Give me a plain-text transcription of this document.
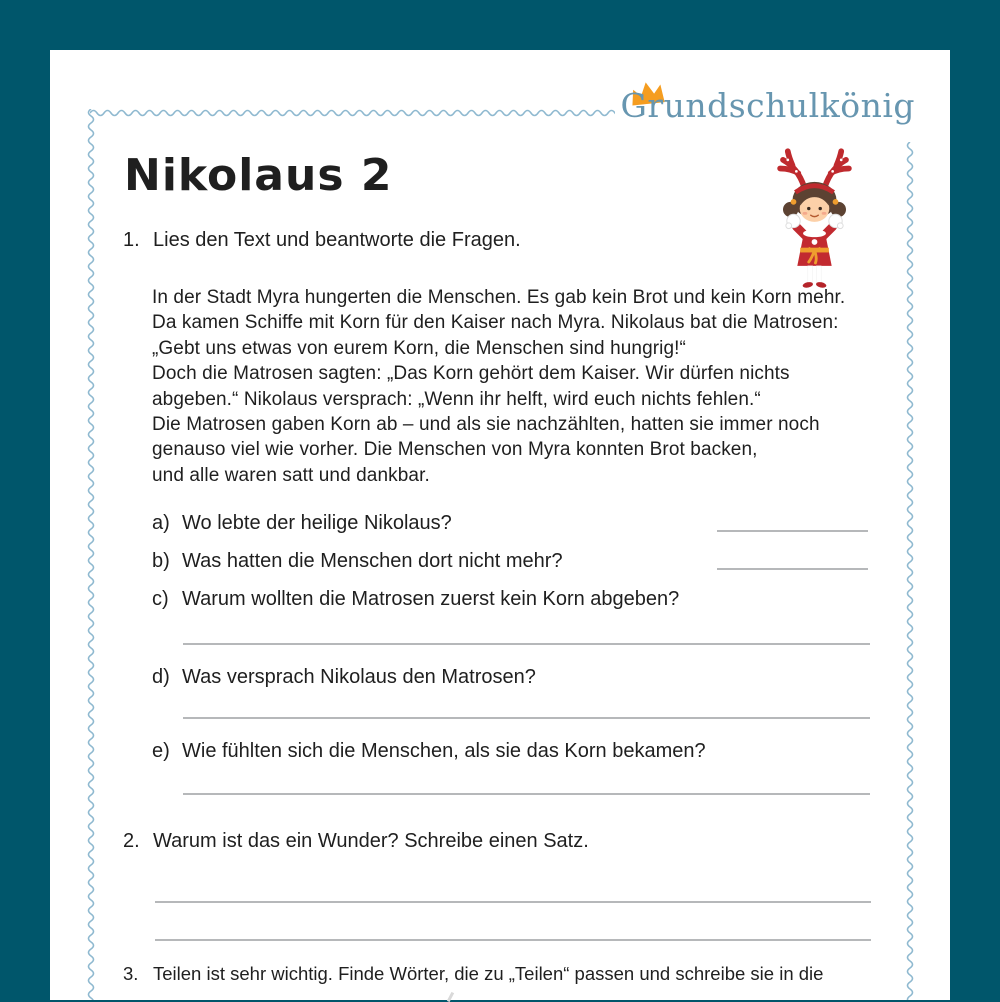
Grundschulkönig
Nikolaus 2
1. Lies den Text und beantworte die Fragen.
In der Stadt Myra hungerten die Menschen. Es gab kein Brot und kein Korn mehr.
Da kamen Schiffe mit Korn für den Kaiser nach Myra. Nikolaus bat die Matrosen:
„Gebt uns etwas von eurem Korn, die Menschen sind hungrig!“
Doch die Matrosen sagten: „Das Korn gehört dem Kaiser. Wir dürfen nichts
abgeben.“ Nikolaus versprach: „Wenn ihr helft, wird euch nichts fehlen.“
Die Matrosen gaben Korn ab – und als sie nachzählten, hatten sie immer noch
genauso viel wie vorher. Die Menschen von Myra konnten Brot backen,
und alle waren satt und dankbar.
a) Wo lebte der heilige Nikolaus?
b) Was hatten die Menschen dort nicht mehr?
c) Warum wollten die Matrosen zuerst kein Korn abgeben?
d) Was versprach Nikolaus den Matrosen?
e) Wie fühlten sich die Menschen, als sie das Korn bekamen?
2. Warum ist das ein Wunder? Schreibe einen Satz.
3. Teilen ist sehr wichtig. Finde Wörter, die zu „Teilen“ passen und schreibe sie in die
